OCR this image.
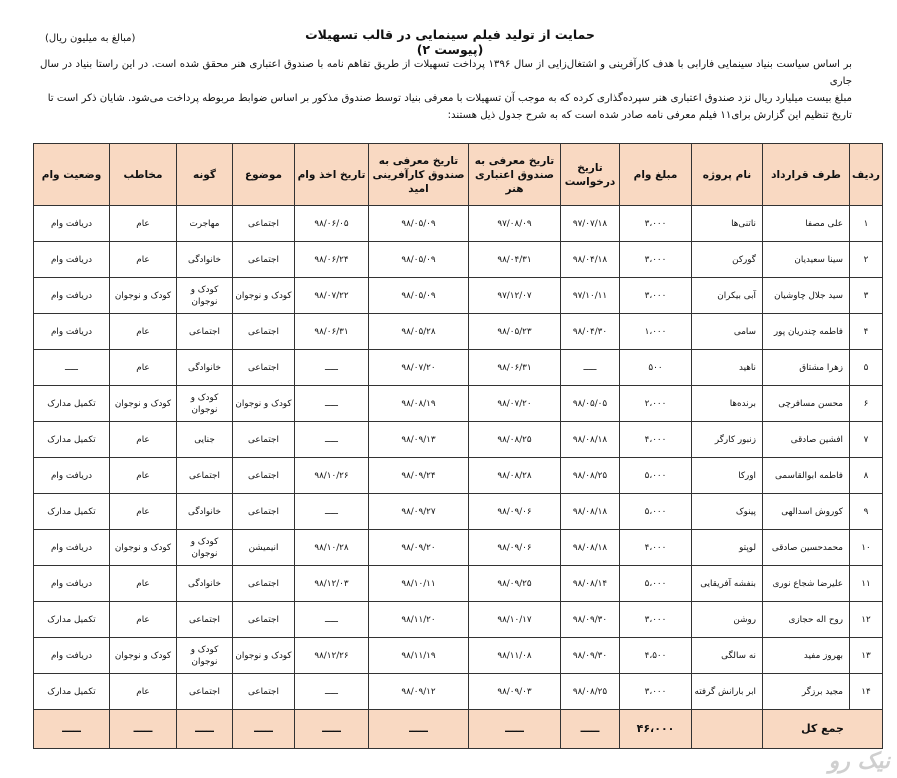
حمایت از تولید فیلم سینمایی در قالب تسهیلات (پیوست ۲)
(مبالغ به میلیون ریال)

بر اساس سیاست بنیاد سینمایی فارابی با هدف کارآفرینی و اشتغال‌زایی از سال ۱۳۹۶ پرداخت تسهیلات از طریق تفاهم نامه با صندوق اعتباری هنر محقق شده است. در این راستا بنیاد در سال جاری

مبلغ بیست میلیارد ریال نزد صندوق اعتباری هنر سپرده‌گذاری کرده که به موجب آن تسهیلات با معرفی بنیاد توسط صندوق مذکور بر اساس ضوابط مربوطه پرداخت می‌شود. شایان ذکر است تا

تاریخ تنظیم این گزارش برای۱۱ فیلم معرفی نامه صادر شده است که به شرح جدول ذیل هستند:

ردیف	طرف قرارداد	نام پروژه	مبلغ وام	تاریخ درخواست	تاریخ معرفی به صندوق اعتباری هنر	تاریخ معرفی به صندوق کارآفرینی امید	تاریخ اخذ وام	موضوع	گونه	مخاطب	وضعیت وام
۱	علی مصفا	ناتنی‌ها	۳،۰۰۰	۹۷/۰۷/۱۸	۹۷/۰۸/۰۹	۹۸/۰۵/۰۹	۹۸/۰۶/۰۵	اجتماعی	مهاجرت	عام	دریافت وام
۲	سینا سعیدیان	گورکن	۳،۰۰۰	۹۸/۰۴/۱۸	۹۸/۰۴/۳۱	۹۸/۰۵/۰۹	۹۸/۰۶/۲۴	اجتماعی	خانوادگی	عام	دریافت وام
۳	سید جلال چاوشیان	آبی بیکران	۳،۰۰۰	۹۷/۱۰/۱۱	۹۷/۱۲/۰۷	۹۸/۰۵/۰۹	۹۸/۰۷/۲۲	کودک و نوجوان	کودک و نوجوان	کودک و نوجوان	دریافت وام
۴	فاطمه چندریان پور	سامی	۱،۰۰۰	۹۸/۰۴/۳۰	۹۸/۰۵/۲۳	۹۸/۰۵/۲۸	۹۸/۰۶/۳۱	اجتماعی	اجتماعی	عام	دریافت وام
۵	زهرا مشتاق	ناهید	۵۰۰	ـــــ	۹۸/۰۶/۳۱	۹۸/۰۷/۲۰	ـــــ	اجتماعی	خانوادگی	عام	ـــــ
۶	محسن مسافرچی	برنده‌ها	۲،۰۰۰	۹۸/۰۵/۰۵	۹۸/۰۷/۲۰	۹۸/۰۸/۱۹	ـــــ	کودک و نوجوان	کودک و نوجوان	کودک و نوجوان	تکمیل مدارک
۷	افشین صادقی	زنبور کارگر	۴،۰۰۰	۹۸/۰۸/۱۸	۹۸/۰۸/۲۵	۹۸/۰۹/۱۳	ـــــ	اجتماعی	جنایی	عام	تکمیل مدارک
۸	فاطمه ابوالقاسمی	اورکا	۵،۰۰۰	۹۸/۰۸/۲۵	۹۸/۰۸/۲۸	۹۸/۰۹/۲۴	۹۸/۱۰/۲۶	اجتماعی	اجتماعی	عام	دریافت وام
۹	کوروش اسدالهی	پینوک	۵،۰۰۰	۹۸/۰۸/۱۸	۹۸/۰۹/۰۶	۹۸/۰۹/۲۷	ـــــ	اجتماعی	خانوادگی	عام	تکمیل مدارک
۱۰	محمدحسین صادقی	لوپتو	۴،۰۰۰	۹۸/۰۸/۱۸	۹۸/۰۹/۰۶	۹۸/۰۹/۲۰	۹۸/۱۰/۲۸	انیمیشن	کودک و نوجوان	کودک و نوجوان	دریافت وام
۱۱	علیرضا شجاع نوری	بنفشه آفریقایی	۵،۰۰۰	۹۸/۰۸/۱۴	۹۸/۰۹/۲۵	۹۸/۱۰/۱۱	۹۸/۱۲/۰۳	اجتماعی	خانوادگی	عام	دریافت وام
۱۲	روح اله حجازی	روشن	۳،۰۰۰	۹۸/۰۹/۳۰	۹۸/۱۰/۱۷	۹۸/۱۱/۲۰	ـــــ	اجتماعی	اجتماعی	عام	تکمیل مدارک
۱۳	بهروز مفید	نه سالگی	۴،۵۰۰	۹۸/۰۹/۳۰	۹۸/۱۱/۰۸	۹۸/۱۱/۱۹	۹۸/۱۲/۲۶	کودک و نوجوان	کودک و نوجوان	کودک و نوجوان	دریافت وام
۱۴	مجید برزگر	ابر بارانش گرفته	۳،۰۰۰	۹۸/۰۸/۲۵	۹۸/۰۹/۰۳	۹۸/۰۹/۱۲	ـــــ	اجتماعی	اجتماعی	عام	تکمیل مدارک
جمع کل			۴۶،۰۰۰	ـــــ	ـــــ	ـــــ	ـــــ	ـــــ	ـــــ	ـــــ	ـــــ
نیک رو
